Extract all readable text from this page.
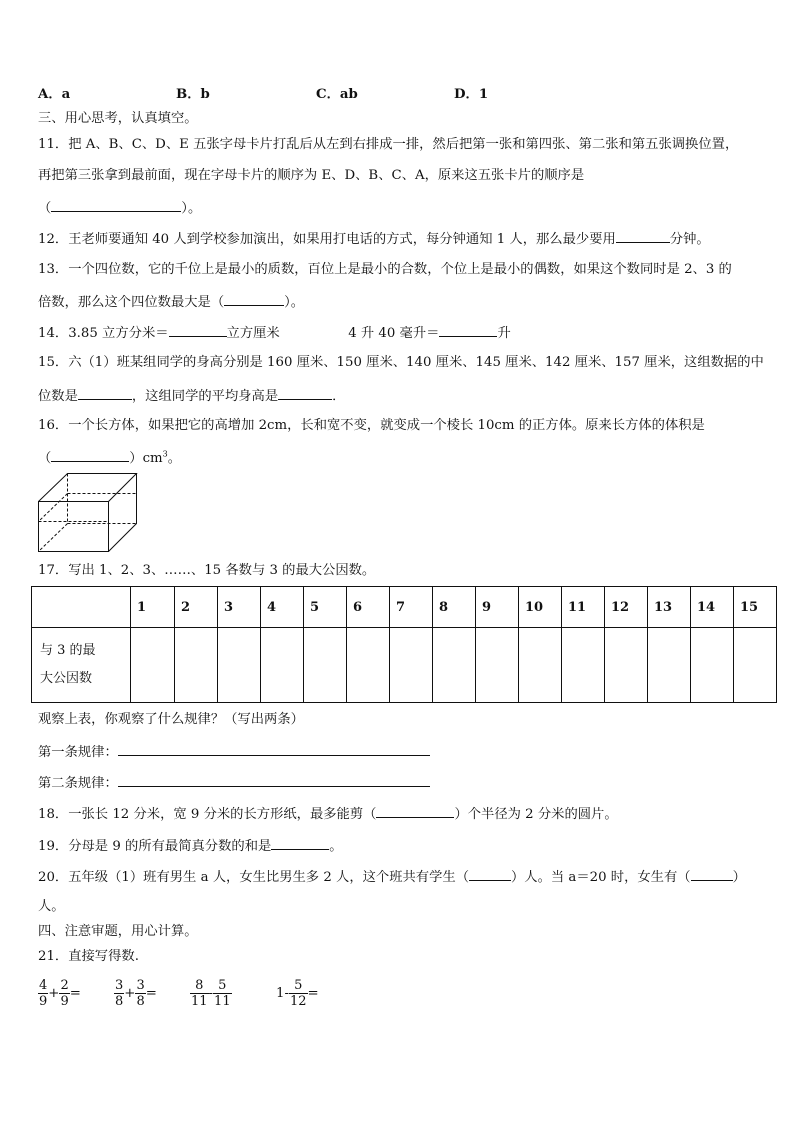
A．a	B．b	C．ab	D．1
三、用心思考，认真填空。
11．把 A、B、C、D、E 五张字母卡片打乱后从左到右排成一排，然后把第一张和第四张、第二张和第五张调换位置，
再把第三张拿到最前面，现在字母卡片的顺序为 E、D、B、C、A，原来这五张卡片的顺序是
（	）。
12．王老师要通知 40 人到学校参加演出，如果用打电话的方式，每分钟通知 1 人，那么最少要用	分钟。
13．一个四位数，它的千位上是最小的质数，百位上是最小的合数，个位上是最小的偶数，如果这个数同时是 2、3 的
倍数，那么这个四位数最大是（	）。
14．3.85 立方分米＝	立方厘米	4 升 40 毫升＝	升
15．六（1）班某组同学的身高分别是 160 厘米、150 厘米、140 厘米、145 厘米、142 厘米、157 厘米，这组数据的中
位数是	，这组同学的平均身高是	．
16．一个长方体，如果把它的高增加 2cm，长和宽不变，就变成一个棱长 10cm 的正方体。原来长方体的体积是
（	）$cm^3$。
17．写出 1、2、3、……、15 各数与 3 的最大公因数。
	1	2	3	4	5	6	7	8	9	10	11	12	13	14	15
与 3 的最
大公因数															
观察上表，你观察了什么规律？（写出两条）
第一条规律：
第二条规律：
18．一张长 12 分米，宽 9 分米的长方形纸，最多能剪（	）个半径为 2 分米的圆片。
19．分母是 9 的所有最简真分数的和是	。
20．五年级（1）班有男生 a 人，女生比男生多 2 人，这个班共有学生（	）人。当 a＝20 时，女生有（	）
人。
四、注意审题，用心计算。
21．直接写得数.
$\frac{4}{9} + \frac{2}{9}$ =	$\frac{3}{8} + \frac{3}{8}$ =	$\frac{8}{11} - \frac{5}{11}$	$1- \frac{5}{12}$ =
